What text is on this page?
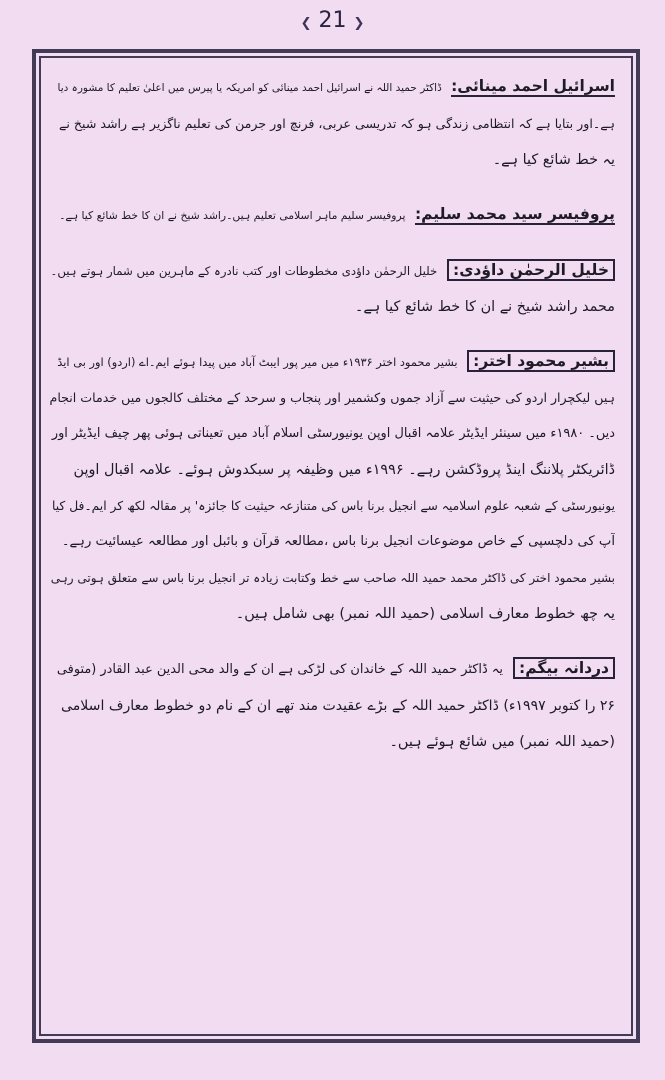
❮ 21 ❯

اسرائیل احمد مینائی: ڈاکٹر حمید اللہ نے اسرائیل احمد مینائی کو امریکہ یا پیرس میں اعلیٰ تعلیم کا مشورہ دیا
ہے۔اور بتایا ہے کہ انتظامی زندگی ہو کہ تدریسی عربی، فرنچ اور جرمن کی تعلیم ناگزیر ہے راشد شیخ نے
یہ خط شائع کیا ہے۔

پروفیسر سید محمد سلیم: پروفیسر سلیم ماہر اسلامی تعلیم ہیں۔راشد شیخ نے ان کا خط شائع کیا ہے۔

خلیل الرحمٰن داؤدی: خلیل الرحمٰن داؤدی مخطوطات اور کتب نادرہ کے ماہرین میں شمار ہوتے ہیں۔
محمد راشد شیخ نے ان کا خط شائع کیا ہے۔

بشیر محمود اختر: بشیر محمود اختر ۱۹۳۶ء میں میر پور ایبٹ آباد میں پیدا ہوئے ایم۔اے (اردو) اور بی ایڈ
ہیں لیکچرار اردو کی حیثیت سے آزاد جموں وکشمیر اور پنجاب و سرحد کے مختلف کالجوں میں خدمات انجام
دیں۔ ۱۹۸۰ء میں سینئر ایڈیٹر علامہ اقبال اوپن یونیورسٹی اسلام آباد میں تعیناتی ہوئی پھر چیف ایڈیٹر اور
ڈائریکٹر پلاننگ اینڈ پروڈکشن رہے۔ ۱۹۹۶ء میں وظیفہ پر سبکدوش ہوئے۔ علامہ اقبال اوپن
یونیورسٹی کے شعبہ علوم اسلامیہ سے انجیل برنا باس کی متنازعہ حیثیت کا جائزہ' پر مقالہ لکھ کر ایم۔فل کیا
آپ کی دلچسپی کے خاص موضوعات انجیل برنا باس ،مطالعہ قرآن و بائبل اور مطالعہ عیسائیت رہے۔
بشیر محمود اختر کی ڈاکٹر محمد حمید اللہ صاحب سے خط وکتابت زیادہ تر انجیل برنا باس سے متعلق ہوتی رہی
یہ چھ خطوط معارف اسلامی (حمید اللہ نمبر) بھی شامل ہیں۔

دردانہ بیگم: یہ ڈاکٹر حمید اللہ کے خاندان کی لڑکی ہے ان کے والد محی الدین عبد القادر (متوفی
۲۶ را کتوبر ۱۹۹۷ء) ڈاکٹر حمید اللہ کے بڑے عقیدت مند تھے ان کے نام دو خطوط معارف اسلامی
(حمید اللہ نمبر) میں شائع ہوئے ہیں۔
